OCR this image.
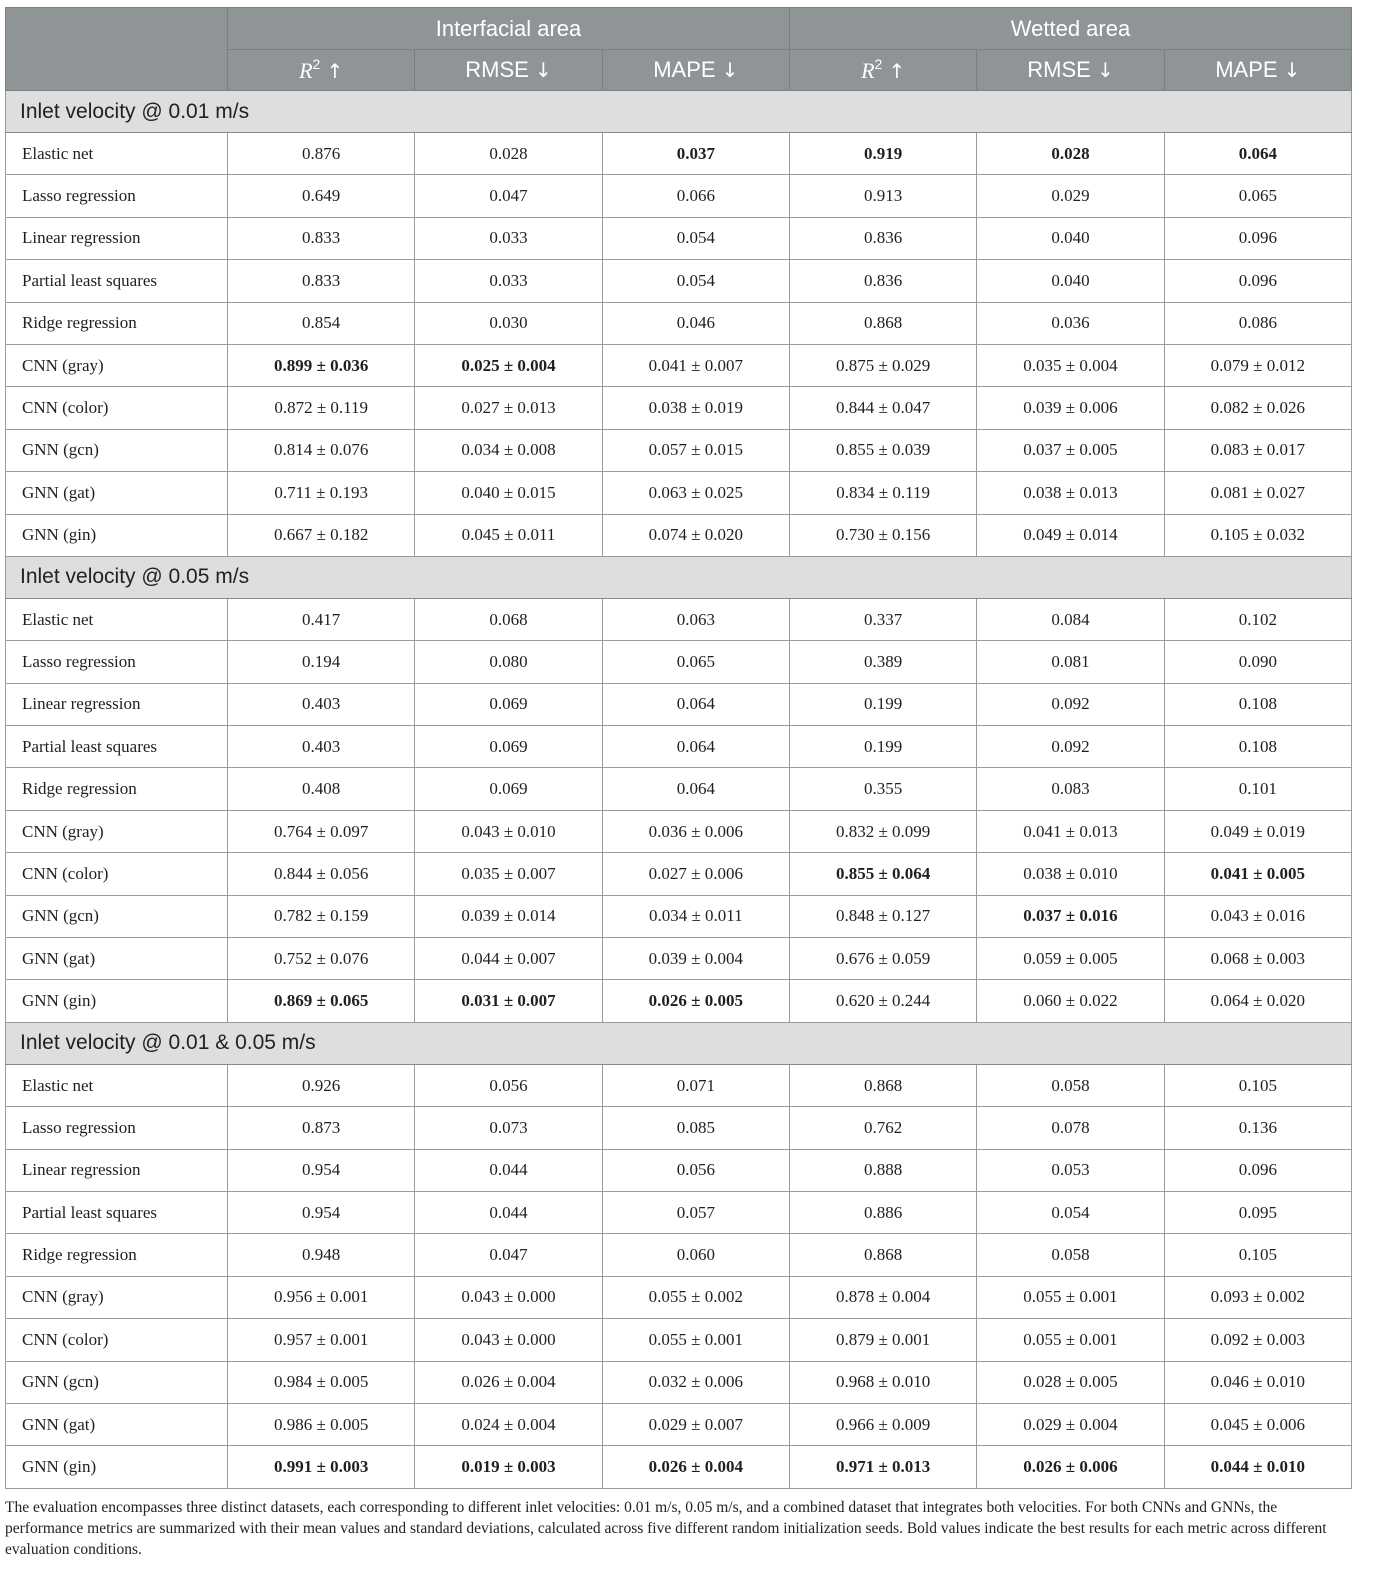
	Interfacial area			Wetted area		
	$R^2$ ↑	RMSE ↓	MAPE ↓	$R^2$ ↑	RMSE ↓	MAPE ↓
Inlet velocity @ 0.01 m/s						
Elastic net	0.876	0.028	0.037	0.919	0.028	0.064
Lasso regression	0.649	0.047	0.066	0.913	0.029	0.065
Linear regression	0.833	0.033	0.054	0.836	0.040	0.096
Partial least squares	0.833	0.033	0.054	0.836	0.040	0.096
Ridge regression	0.854	0.030	0.046	0.868	0.036	0.086
CNN (gray)	0.899 ± 0.036	0.025 ± 0.004	0.041 ± 0.007	0.875 ± 0.029	0.035 ± 0.004	0.079 ± 0.012
CNN (color)	0.872 ± 0.119	0.027 ± 0.013	0.038 ± 0.019	0.844 ± 0.047	0.039 ± 0.006	0.082 ± 0.026
GNN (gcn)	0.814 ± 0.076	0.034 ± 0.008	0.057 ± 0.015	0.855 ± 0.039	0.037 ± 0.005	0.083 ± 0.017
GNN (gat)	0.711 ± 0.193	0.040 ± 0.015	0.063 ± 0.025	0.834 ± 0.119	0.038 ± 0.013	0.081 ± 0.027
GNN (gin)	0.667 ± 0.182	0.045 ± 0.011	0.074 ± 0.020	0.730 ± 0.156	0.049 ± 0.014	0.105 ± 0.032
Inlet velocity @ 0.05 m/s						
Elastic net	0.417	0.068	0.063	0.337	0.084	0.102
Lasso regression	0.194	0.080	0.065	0.389	0.081	0.090
Linear regression	0.403	0.069	0.064	0.199	0.092	0.108
Partial least squares	0.403	0.069	0.064	0.199	0.092	0.108
Ridge regression	0.408	0.069	0.064	0.355	0.083	0.101
CNN (gray)	0.764 ± 0.097	0.043 ± 0.010	0.036 ± 0.006	0.832 ± 0.099	0.041 ± 0.013	0.049 ± 0.019
CNN (color)	0.844 ± 0.056	0.035 ± 0.007	0.027 ± 0.006	0.855 ± 0.064	0.038 ± 0.010	0.041 ± 0.005
GNN (gcn)	0.782 ± 0.159	0.039 ± 0.014	0.034 ± 0.011	0.848 ± 0.127	0.037 ± 0.016	0.043 ± 0.016
GNN (gat)	0.752 ± 0.076	0.044 ± 0.007	0.039 ± 0.004	0.676 ± 0.059	0.059 ± 0.005	0.068 ± 0.003
GNN (gin)	0.869 ± 0.065	0.031 ± 0.007	0.026 ± 0.005	0.620 ± 0.244	0.060 ± 0.022	0.064 ± 0.020
Inlet velocity @ 0.01 & 0.05 m/s						
Elastic net	0.926	0.056	0.071	0.868	0.058	0.105
Lasso regression	0.873	0.073	0.085	0.762	0.078	0.136
Linear regression	0.954	0.044	0.056	0.888	0.053	0.096
Partial least squares	0.954	0.044	0.057	0.886	0.054	0.095
Ridge regression	0.948	0.047	0.060	0.868	0.058	0.105
CNN (gray)	0.956 ± 0.001	0.043 ± 0.000	0.055 ± 0.002	0.878 ± 0.004	0.055 ± 0.001	0.093 ± 0.002
CNN (color)	0.957 ± 0.001	0.043 ± 0.000	0.055 ± 0.001	0.879 ± 0.001	0.055 ± 0.001	0.092 ± 0.003
GNN (gcn)	0.984 ± 0.005	0.026 ± 0.004	0.032 ± 0.006	0.968 ± 0.010	0.028 ± 0.005	0.046 ± 0.010
GNN (gat)	0.986 ± 0.005	0.024 ± 0.004	0.029 ± 0.007	0.966 ± 0.009	0.029 ± 0.004	0.045 ± 0.006
GNN (gin)	0.991 ± 0.003	0.019 ± 0.003	0.026 ± 0.004	0.971 ± 0.013	0.026 ± 0.006	0.044 ± 0.010

The evaluation encompasses three distinct datasets, each corresponding to different inlet velocities: 0.01 m/s, 0.05 m/s, and a combined dataset that integrates both velocities. For both CNNs and GNNs, the performance metrics are summarized with their mean values and standard deviations, calculated across five different random initialization seeds. Bold values indicate the best results for each metric across different evaluation conditions.
